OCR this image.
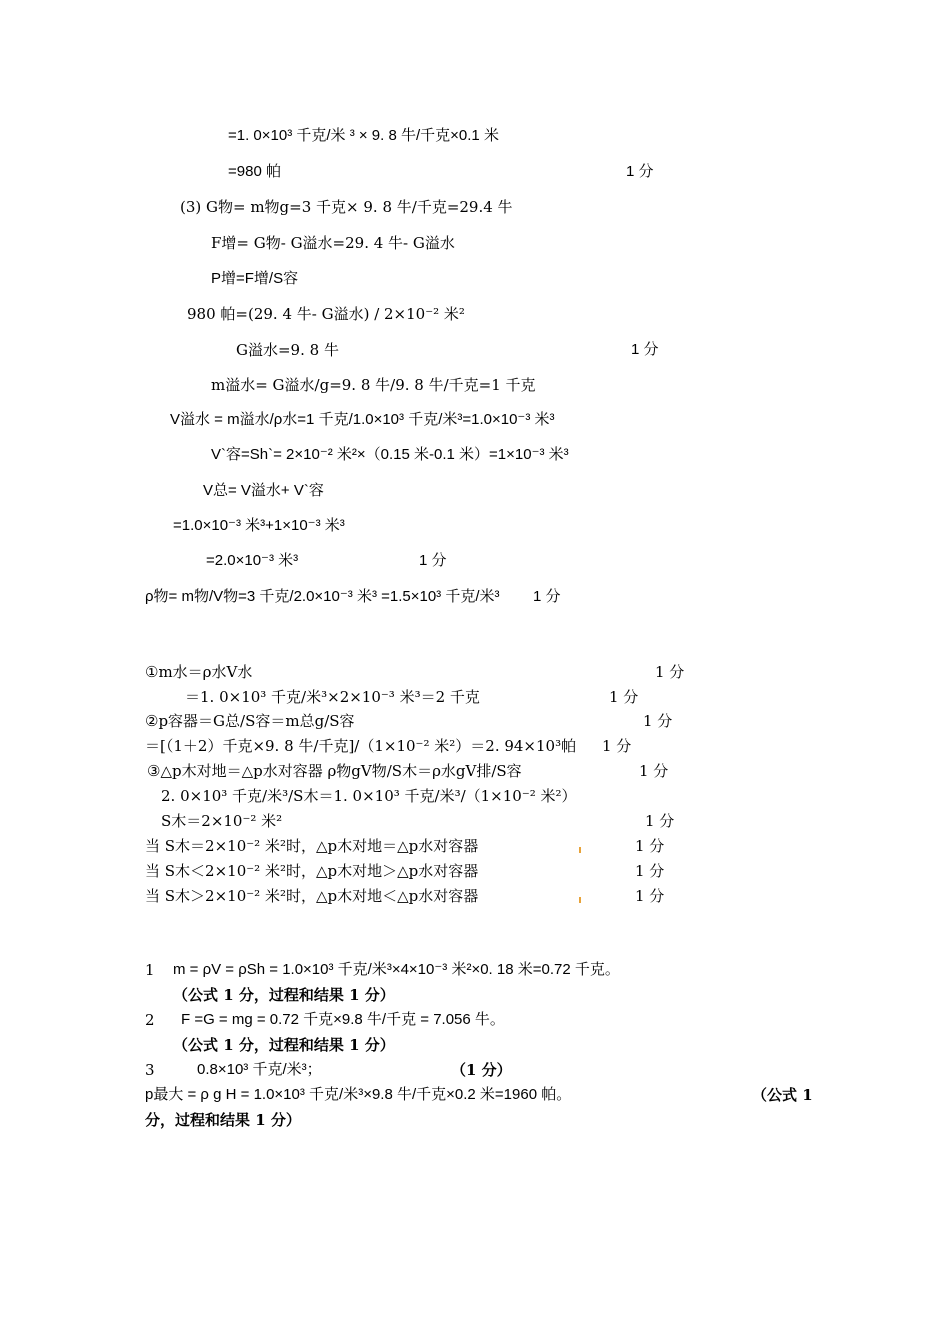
=1. 0×10³ 千克/米 ³ × 9. 8 牛/千克×0.1 米
=980 帕	1 分
(3) G物= m物g=3 千克× 9. 8 牛/千克=29.4 牛
F增= G物- G溢水=29. 4 牛- G溢水
P增=F增/S容
980 帕=(29. 4 牛- G溢水) / 2×10⁻² 米²
G溢水=9. 8 牛	1 分
m溢水= G溢水/g=9. 8 牛/9. 8 牛/千克=1 千克
V溢水 = m溢水/ρ水=1 千克/1.0×10³ 千克/米³=1.0×10⁻³ 米³
V`容=Sh`= 2×10⁻² 米²×（0.15 米-0.1 米）=1×10⁻³ 米³
V总= V溢水+ V`容
=1.0×10⁻³ 米³+1×10⁻³ 米³
=2.0×10⁻³ 米³	1 分
ρ物= m物/V物=3 千克/2.0×10⁻³ 米³ =1.5×10³ 千克/米³ 1 分
①m水＝ρ水V水	1 分
＝1. 0×10³ 千克/米³×2×10⁻³ 米³＝2 千克	1 分
②p容器＝G总/S容＝m总g/S容	1 分
＝[（1＋2）千克×9. 8 牛/千克]/（1×10⁻² 米²）＝2. 94×10³帕 1 分
③△p木对地＝△p水对容器 ρ物gV物/S木＝ρ水gV排/S容	1 分
2. 0×10³ 千克/米³/S木＝1. 0×10³ 千克/米³/（1×10⁻² 米²）
S木＝2×10⁻² 米²	1 分
当 S木＝2×10⁻² 米²时，△p木对地＝△p水对容器	1 分
当 S木＜2×10⁻² 米²时，△p木对地＞△p水对容器	1 分
当 S木＞2×10⁻² 米²时，△p木对地＜△p水对容器	1 分
1 m = ρV = ρSh = 1.0×10³ 千克/米³×4×10⁻³ 米²×0. 18 米=0.72 千克。
（公式 1 分，过程和结果 1 分）
2 F =G = mg = 0.72 千克×9.8 牛/千克 = 7.056 牛。
（公式 1 分，过程和结果 1 分）
3	0.8×10³ 千克/米³；	（1 分）
p最大 = ρ g H = 1.0×10³ 千克/米³×9.8 牛/千克×0.2 米=1960 帕。	（公式 1
分，过程和结果 1 分）
